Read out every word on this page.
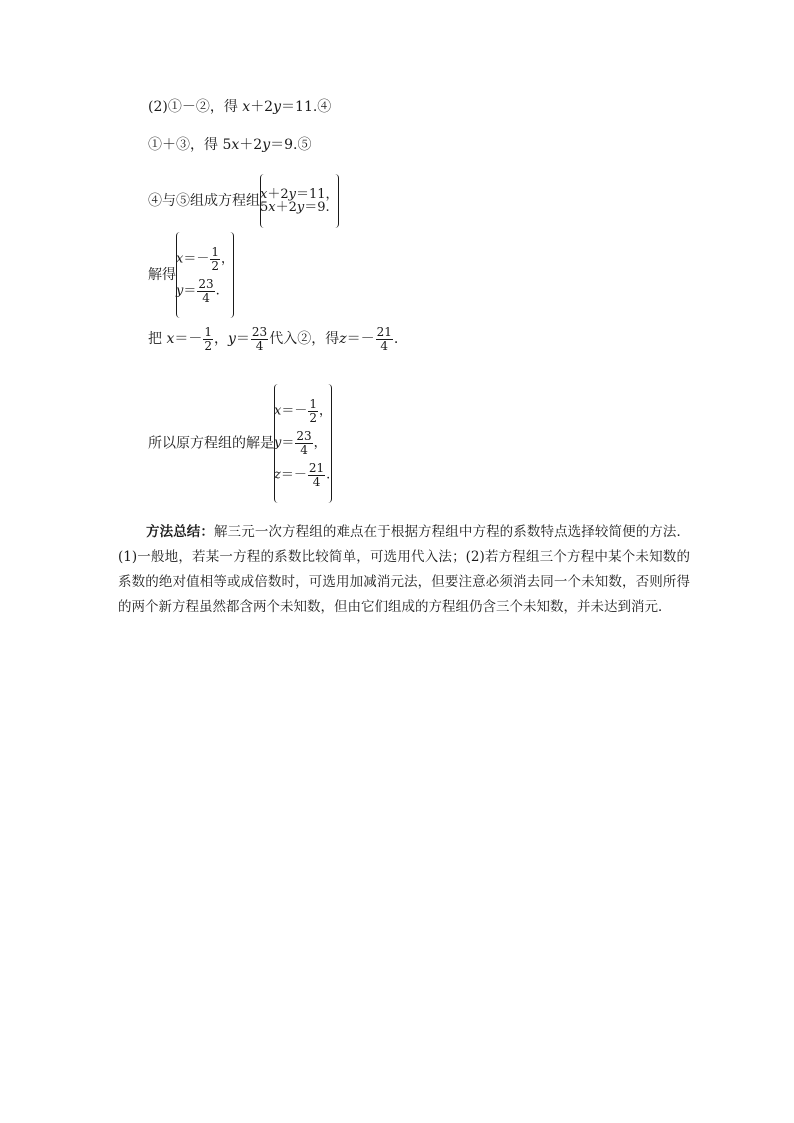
(2)①－②，得 x＋2y＝11.④
①＋③，得 5x＋2y＝9.⑤
④与⑤组成方程组 x＋2y＝11，
5x＋2y＝9.
解得
$x=- \frac{1}{2}$ ，
$y= \frac{23}{4}$ .
把 $x=- \frac{1}{2}$ ，$y= \frac{23}{4}$ 代入②，得$z=- \frac{21}{4}$ .
所以原方程组的解是
$x=- \frac{1}{2}$ ，
$y= \frac{23}{4}$ ，
$z=- \frac{21}{4}$ .
方法总结：解三元一次方程组的难点在于根据方程组中方程的系数特点选择较简便的方法．(1)一般地，若某一方程的系数比较简单，可选用代入法；(2)若方程组三个方程中某个未知数的系数的绝对值相等或成倍数时，可选用加减消元法，但要注意必须消去同一个未知数，否则所得的两个新方程虽然都含两个未知数，但由它们组成的方程组仍含三个未知数，并未达到消元．
